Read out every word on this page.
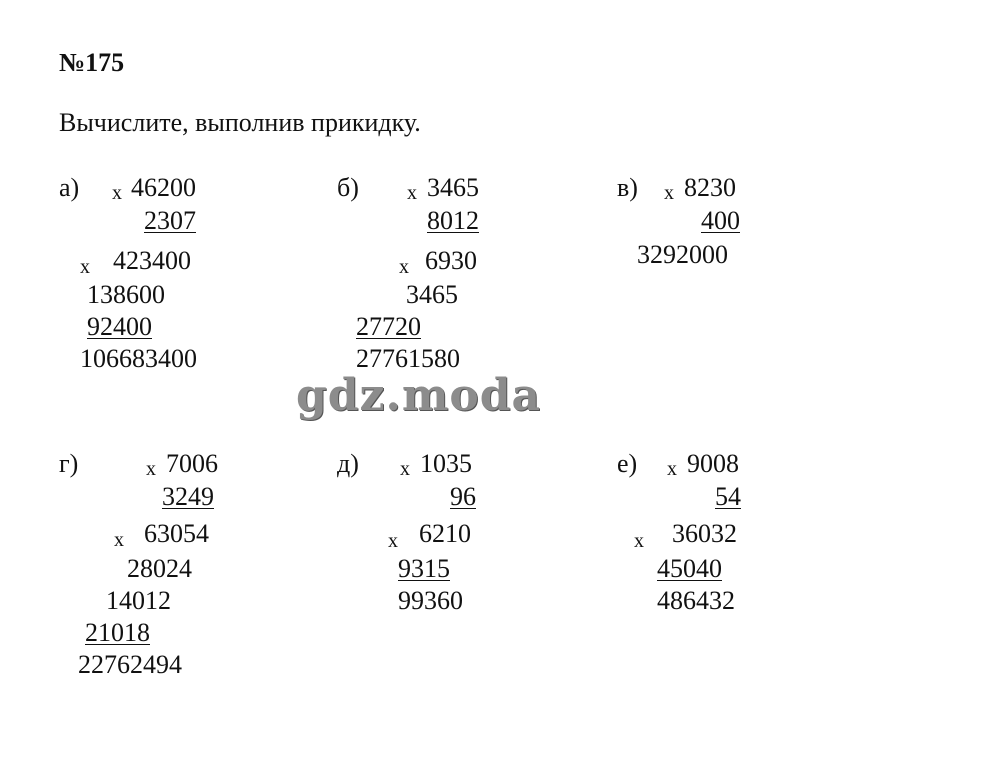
№175
Вычислите, выполнив прикидку.
а) x 46200
2307
x 423400
138600
92400
106683400
б) x 3465
8012
x 6930
3465
27720
27761580
в) x 8230
400
3292000
gdz.moda
г)	x 7006
3249
x 63054
28024
14012
21018
22762494
д) x 1035
96
x 6210
9315
99360
е) x 9008
54
x 36032
45040
486432
